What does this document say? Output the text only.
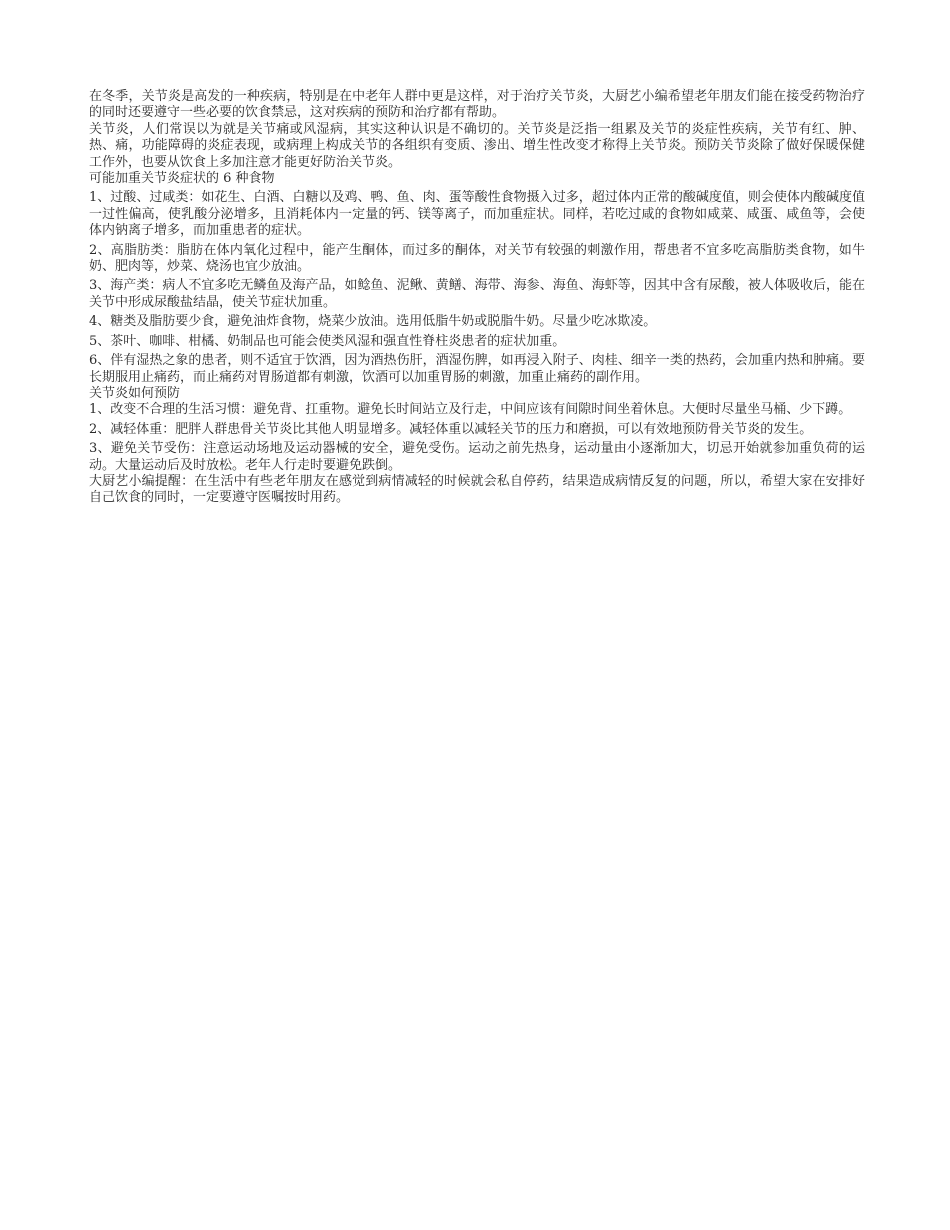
在冬季，关节炎是高发的一种疾病，特别是在中老年人群中更是这样，对于治疗关节炎，大厨艺小编希望老年朋友们能在接受药物治疗的同时还要遵守一些必要的饮食禁忌，这对疾病的预防和治疗都有帮助。

关节炎，人们常误以为就是关节痛或风湿病，其实这种认识是不确切的。关节炎是泛指一组累及关节的炎症性疾病，关节有红、肿、热、痛，功能障碍的炎症表现，或病理上构成关节的各组织有变质、渗出、增生性改变才称得上关节炎。预防关节炎除了做好保暖保健工作外，也要从饮食上多加注意才能更好防治关节炎。

可能加重关节炎症状的 6 种食物

1、过酸、过咸类：如花生、白酒、白糖以及鸡、鸭、鱼、肉、蛋等酸性食物摄入过多，超过体内正常的酸碱度值，则会使体内酸碱度值一过性偏高，使乳酸分泌增多，且消耗体内一定量的钙、镁等离子，而加重症状。同样，若吃过咸的食物如咸菜、咸蛋、咸鱼等，会使体内钠离子增多，而加重患者的症状。

2、高脂肪类：脂肪在体内氧化过程中，能产生酮体，而过多的酮体，对关节有较强的刺激作用，帮患者不宜多吃高脂肪类食物，如牛奶、肥肉等，炒菜、烧汤也宜少放油。

3、海产类：病人不宜多吃无鳞鱼及海产品，如鲶鱼、泥鳅、黄鳝、海带、海参、海鱼、海虾等，因其中含有尿酸，被人体吸收后，能在关节中形成尿酸盐结晶，使关节症状加重。

4、糖类及脂肪要少食，避免油炸食物，烧菜少放油。选用低脂牛奶或脱脂牛奶。尽量少吃冰欺凌。

5、茶叶、咖啡、柑橘、奶制品也可能会使类风湿和强直性脊柱炎患者的症状加重。

6、伴有湿热之象的患者，则不适宜于饮酒，因为酒热伤肝，酒湿伤脾，如再浸入附子、肉桂、细辛一类的热药，会加重内热和肿痛。要长期服用止痛药，而止痛药对胃肠道都有刺激，饮酒可以加重胃肠的刺激，加重止痛药的副作用。

关节炎如何预防

1、改变不合理的生活习惯：避免背、扛重物。避免长时间站立及行走，中间应该有间隙时间坐着休息。大便时尽量坐马桶、少下蹲。

2、减轻体重：肥胖人群患骨关节炎比其他人明显增多。减轻体重以减轻关节的压力和磨损，可以有效地预防骨关节炎的发生。

3、避免关节受伤：注意运动场地及运动器械的安全，避免受伤。运动之前先热身，运动量由小逐渐加大，切忌开始就参加重负荷的运动。大量运动后及时放松。老年人行走时要避免跌倒。

大厨艺小编提醒：在生活中有些老年朋友在感觉到病情减轻的时候就会私自停药，结果造成病情反复的问题，所以，希望大家在安排好自己饮食的同时，一定要遵守医嘱按时用药。
